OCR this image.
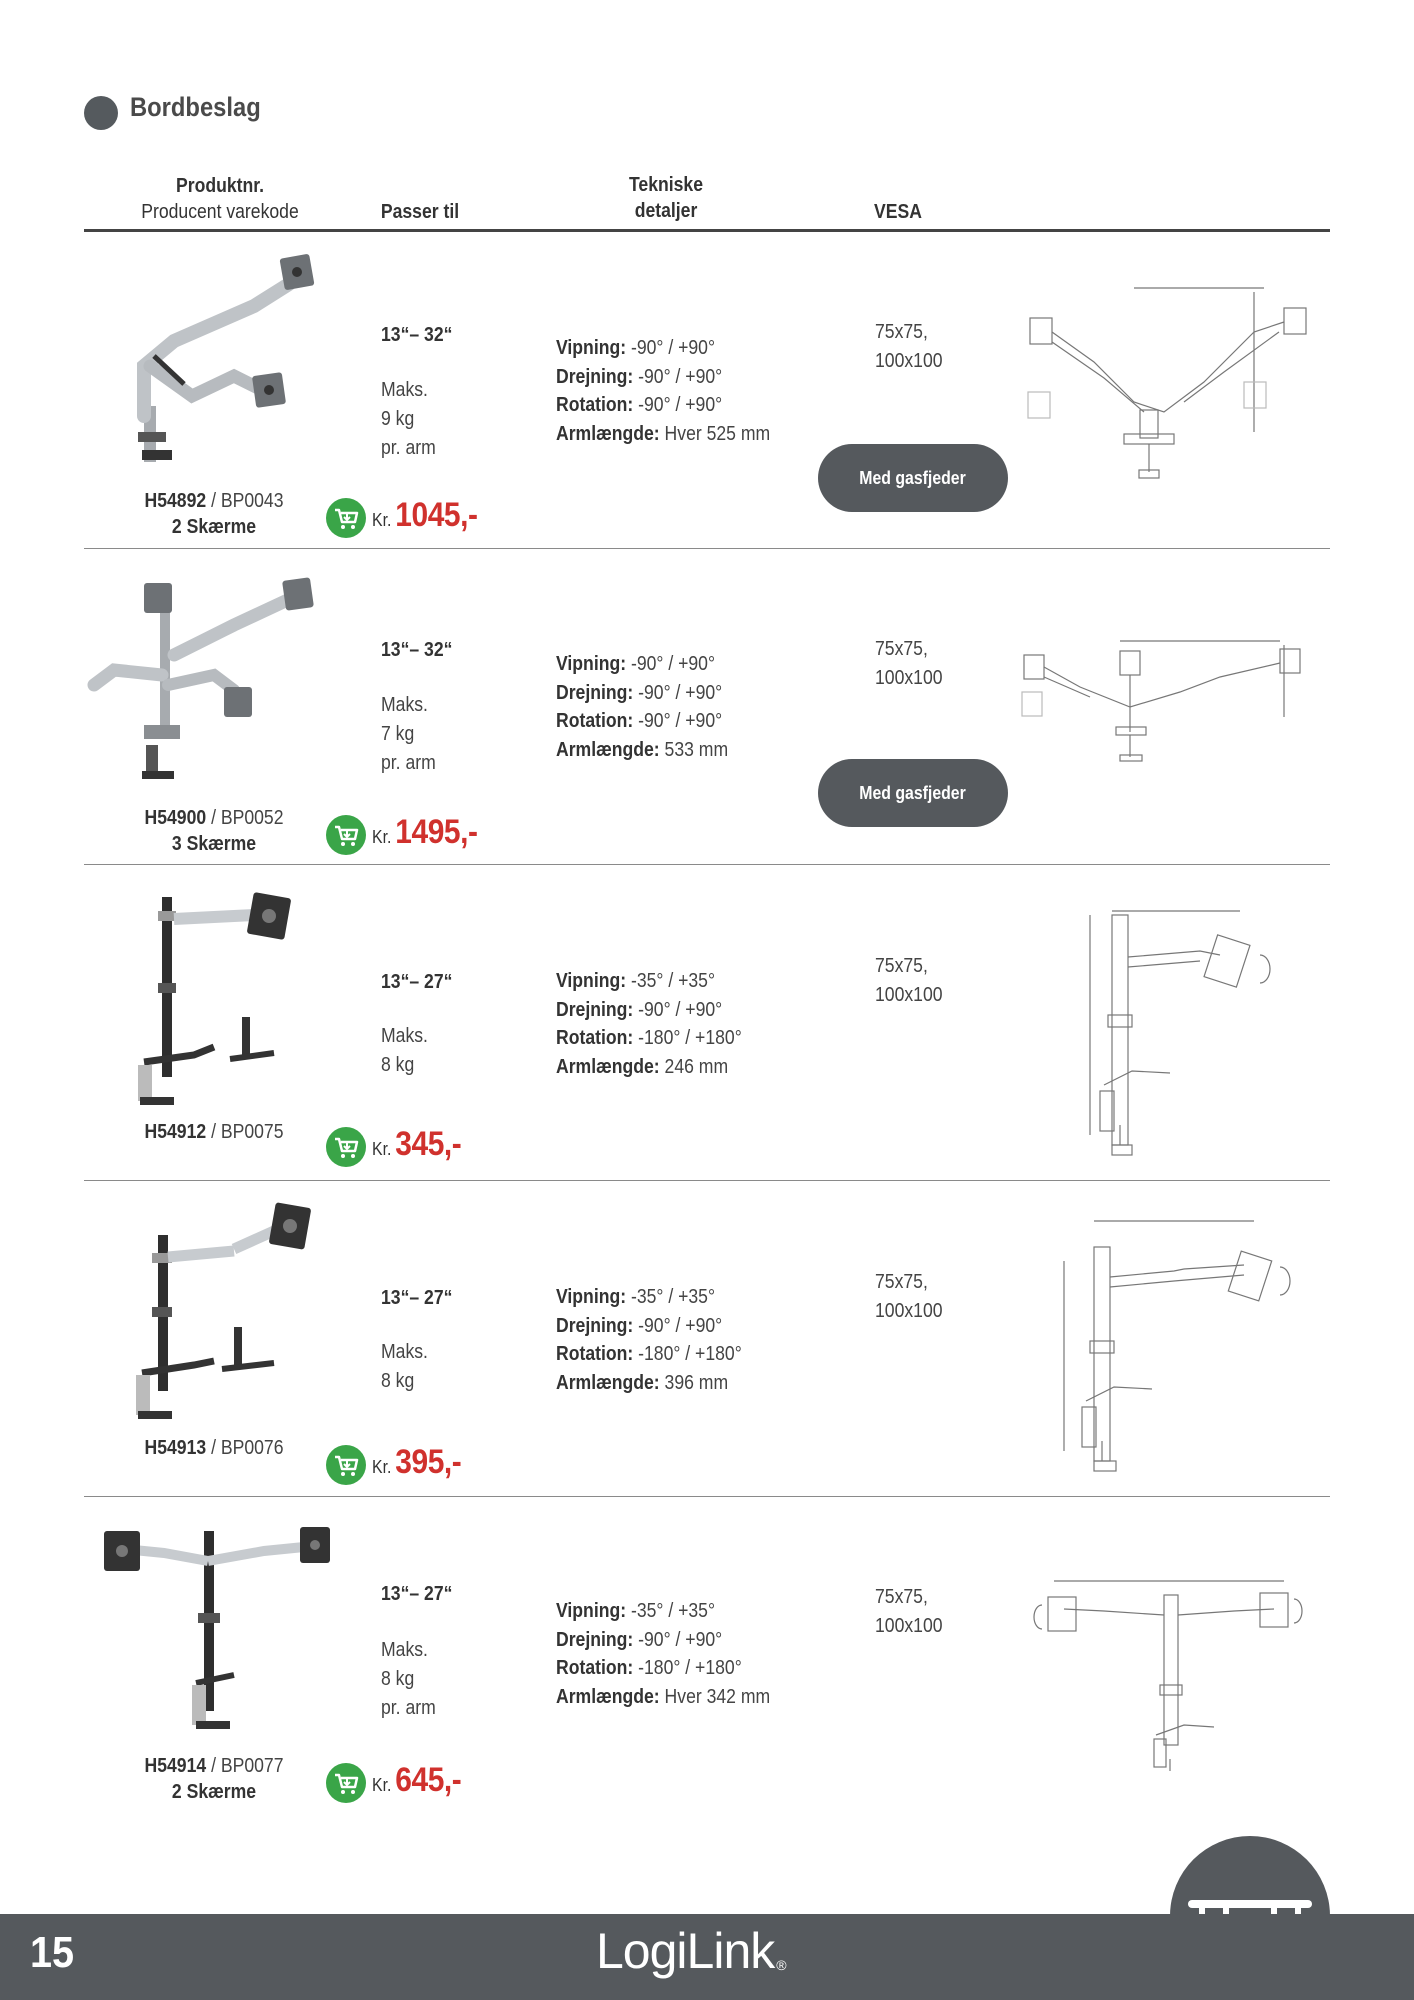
Bordbeslag
Produktnr.
Producent varekode	Passer til
Tekniske
detaljer	VESA
H54892 / BP0043
2 Skærme	Kr. 1045,-
13“– 32“
Maks.
9 kg
pr. arm
Vipning: -90° / +90°
Drejning: -90° / +90°
Rotation: -90° / +90°
Armlængde: Hver 525 mm
75x75,
100x100
Med gasfjeder
H54900 / BP0052
3 Skærme	Kr. 1495,-
13“– 32“
Maks.
7 kg
pr. arm
Vipning: -90° / +90°
Drejning: -90° / +90°
Rotation: -90° / +90°
Armlængde: 533 mm
75x75,
100x100
Med gasfjeder
H54912 / BP0075

Kr. 345,-
13“– 27“
Maks.
8 kg
Vipning: -35° / +35°
Drejning: -90° / +90°
Rotation: -180° / +180°
Armlængde: 246 mm
75x75,
100x100
H54913 / BP0076

Kr. 395,-
13“– 27“
Maks.
8 kg
Vipning: -35° / +35°
Drejning: -90° / +90°
Rotation: -180° / +180°
Armlængde: 396 mm
75x75,
100x100
H54914 / BP0077
2 Skærme	Kr. 645,-
13“– 27“
Maks.
8 kg
pr. arm
Vipning: -35° / +35°
Drejning: -90° / +90°
Rotation: -180° / +180°
Armlængde: Hver 342 mm
75x75,
100x100
15	LogiLink ®
